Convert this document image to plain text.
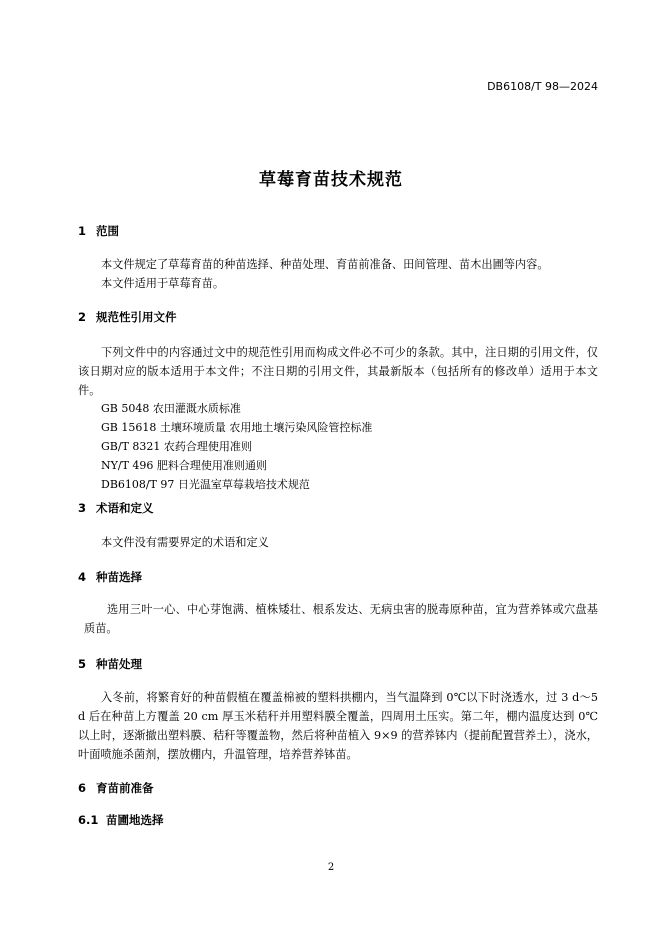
DB6108/T 98—2024
草莓育苗技术规范
1 范围
本文件规定了草莓育苗的种苗选择、种苗处理、育苗前准备、田间管理、苗木出圃等内容。
本文件适用于草莓育苗。
2 规范性引用文件
下列文件中的内容通过文中的规范性引用而构成文件必不可少的条款。其中，注日期的引用文件，仅该日期对应的版本适用于本文件；不注日期的引用文件，其最新版本（包括所有的修改单）适用于本文件。
GB 5048 农田灌溉水质标准
GB 15618 土壤环境质量 农用地土壤污染风险管控标准
GB/T 8321 农药合理使用准则
NY/T 496 肥料合理使用准则通则
DB6108/T 97 日光温室草莓栽培技术规范
3 术语和定义
本文件没有需要界定的术语和定义
4 种苗选择
选用三叶一心、中心芽饱满、植株矮壮、根系发达、无病虫害的脱毒原种苗，宜为营养钵或穴盘基质苗。
5 种苗处理
入冬前，将繁育好的种苗假植在覆盖棉被的塑料拱棚内，当气温降到 0℃以下时浇透水，过 3 d～5 d 后在种苗上方覆盖 20 cm 厚玉米秸秆并用塑料膜全覆盖，四周用土压实。第二年，棚内温度达到 0℃以上时，逐渐撤出塑料膜、秸秆等覆盖物，然后将种苗植入 9×9 的营养钵内（提前配置营养土），浇水，叶面喷施杀菌剂，摆放棚内，升温管理，培养营养钵苗。
6 育苗前准备
6.1 苗圃地选择
2
